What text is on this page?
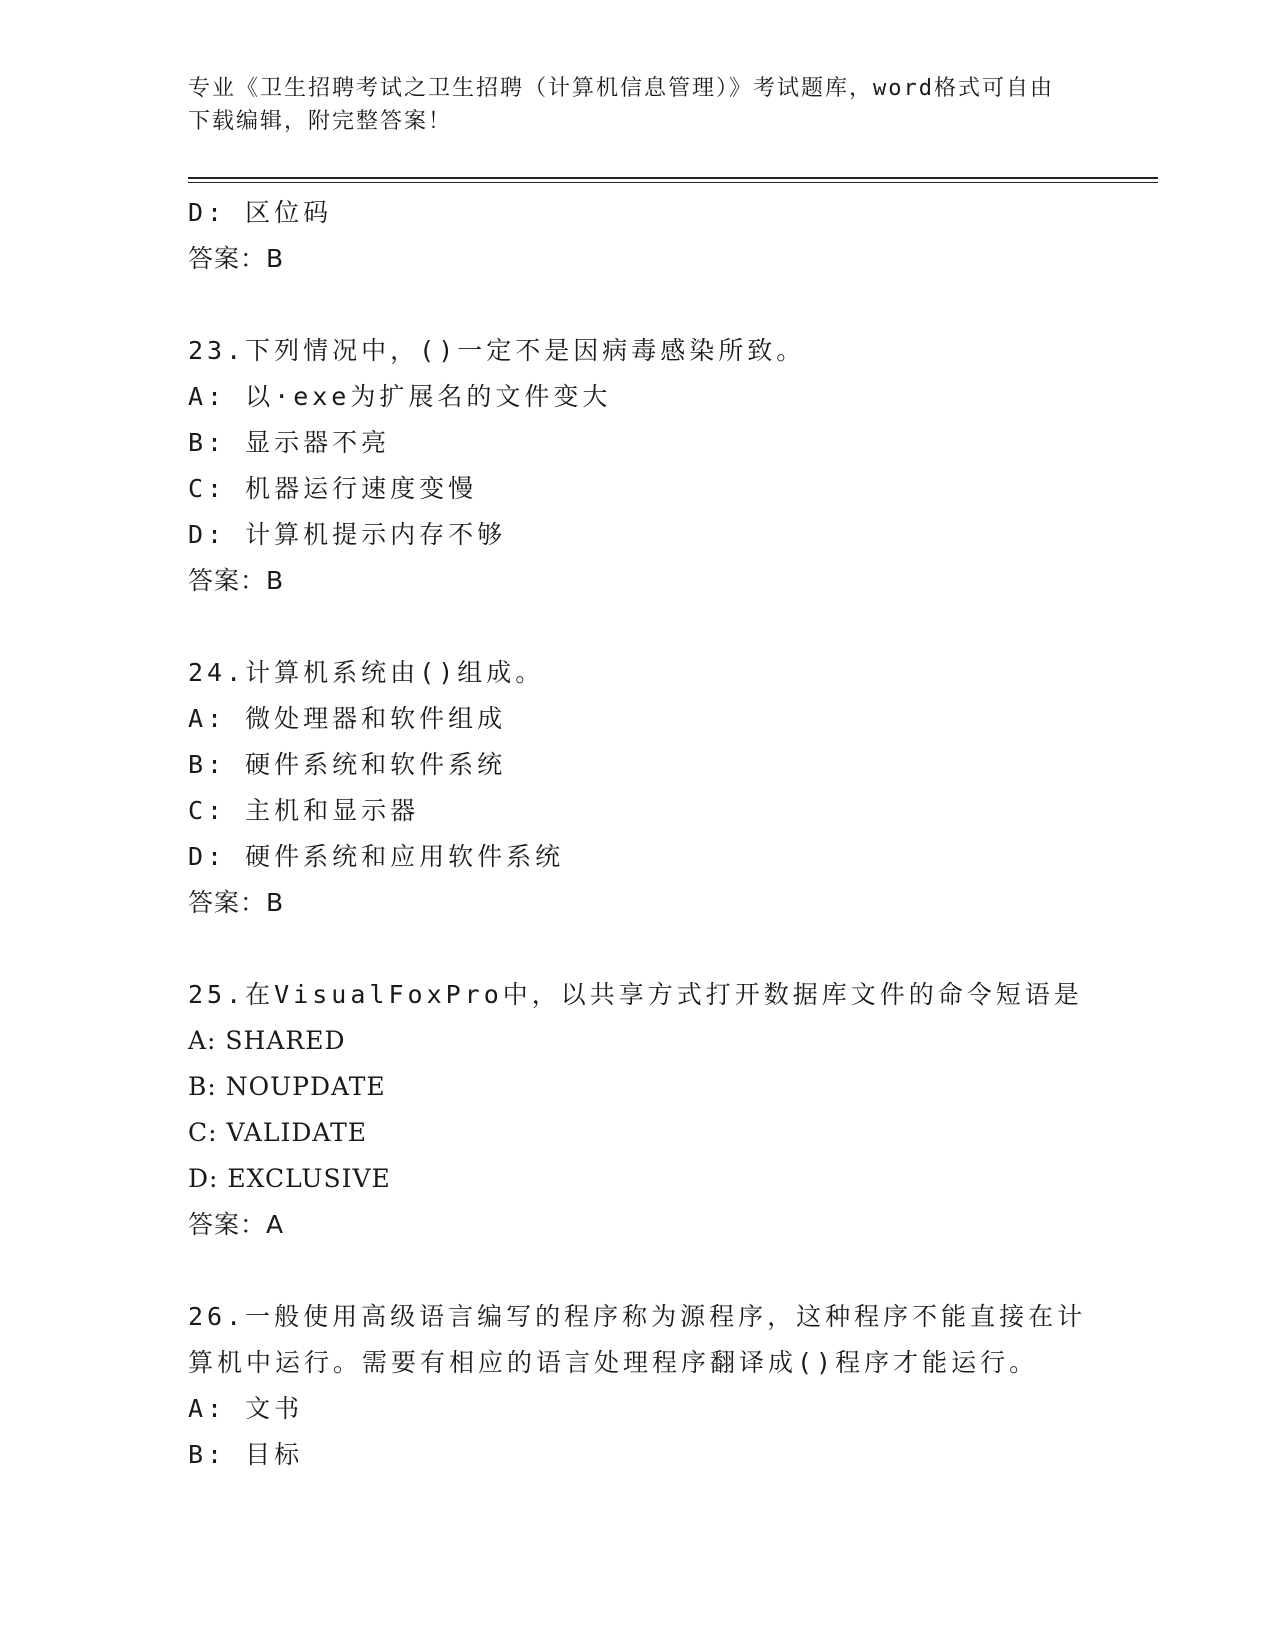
专业《卫生招聘考试之卫生招聘（计算机信息管理）》考试题库，word格式可自由下载编辑，附完整答案！
D: 区位码
答案：B
23.下列情况中，()一定不是因病毒感染所致。
A: 以·exe为扩展名的文件变大
B: 显示器不亮
C: 机器运行速度变慢
D: 计算机提示内存不够
答案：B
24.计算机系统由()组成。
A: 微处理器和软件组成
B: 硬件系统和软件系统
C: 主机和显示器
D: 硬件系统和应用软件系统
答案：B
25.在VisualFoxPro中，以共享方式打开数据库文件的命令短语是
A: SHARED
B: NOUPDATE
C: VALIDATE
D: EXCLUSIVE
答案：A
26.一般使用高级语言编写的程序称为源程序，这种程序不能直接在计算机中运行。需要有相应的语言处理程序翻译成()程序才能运行。
A: 文书
B: 目标
